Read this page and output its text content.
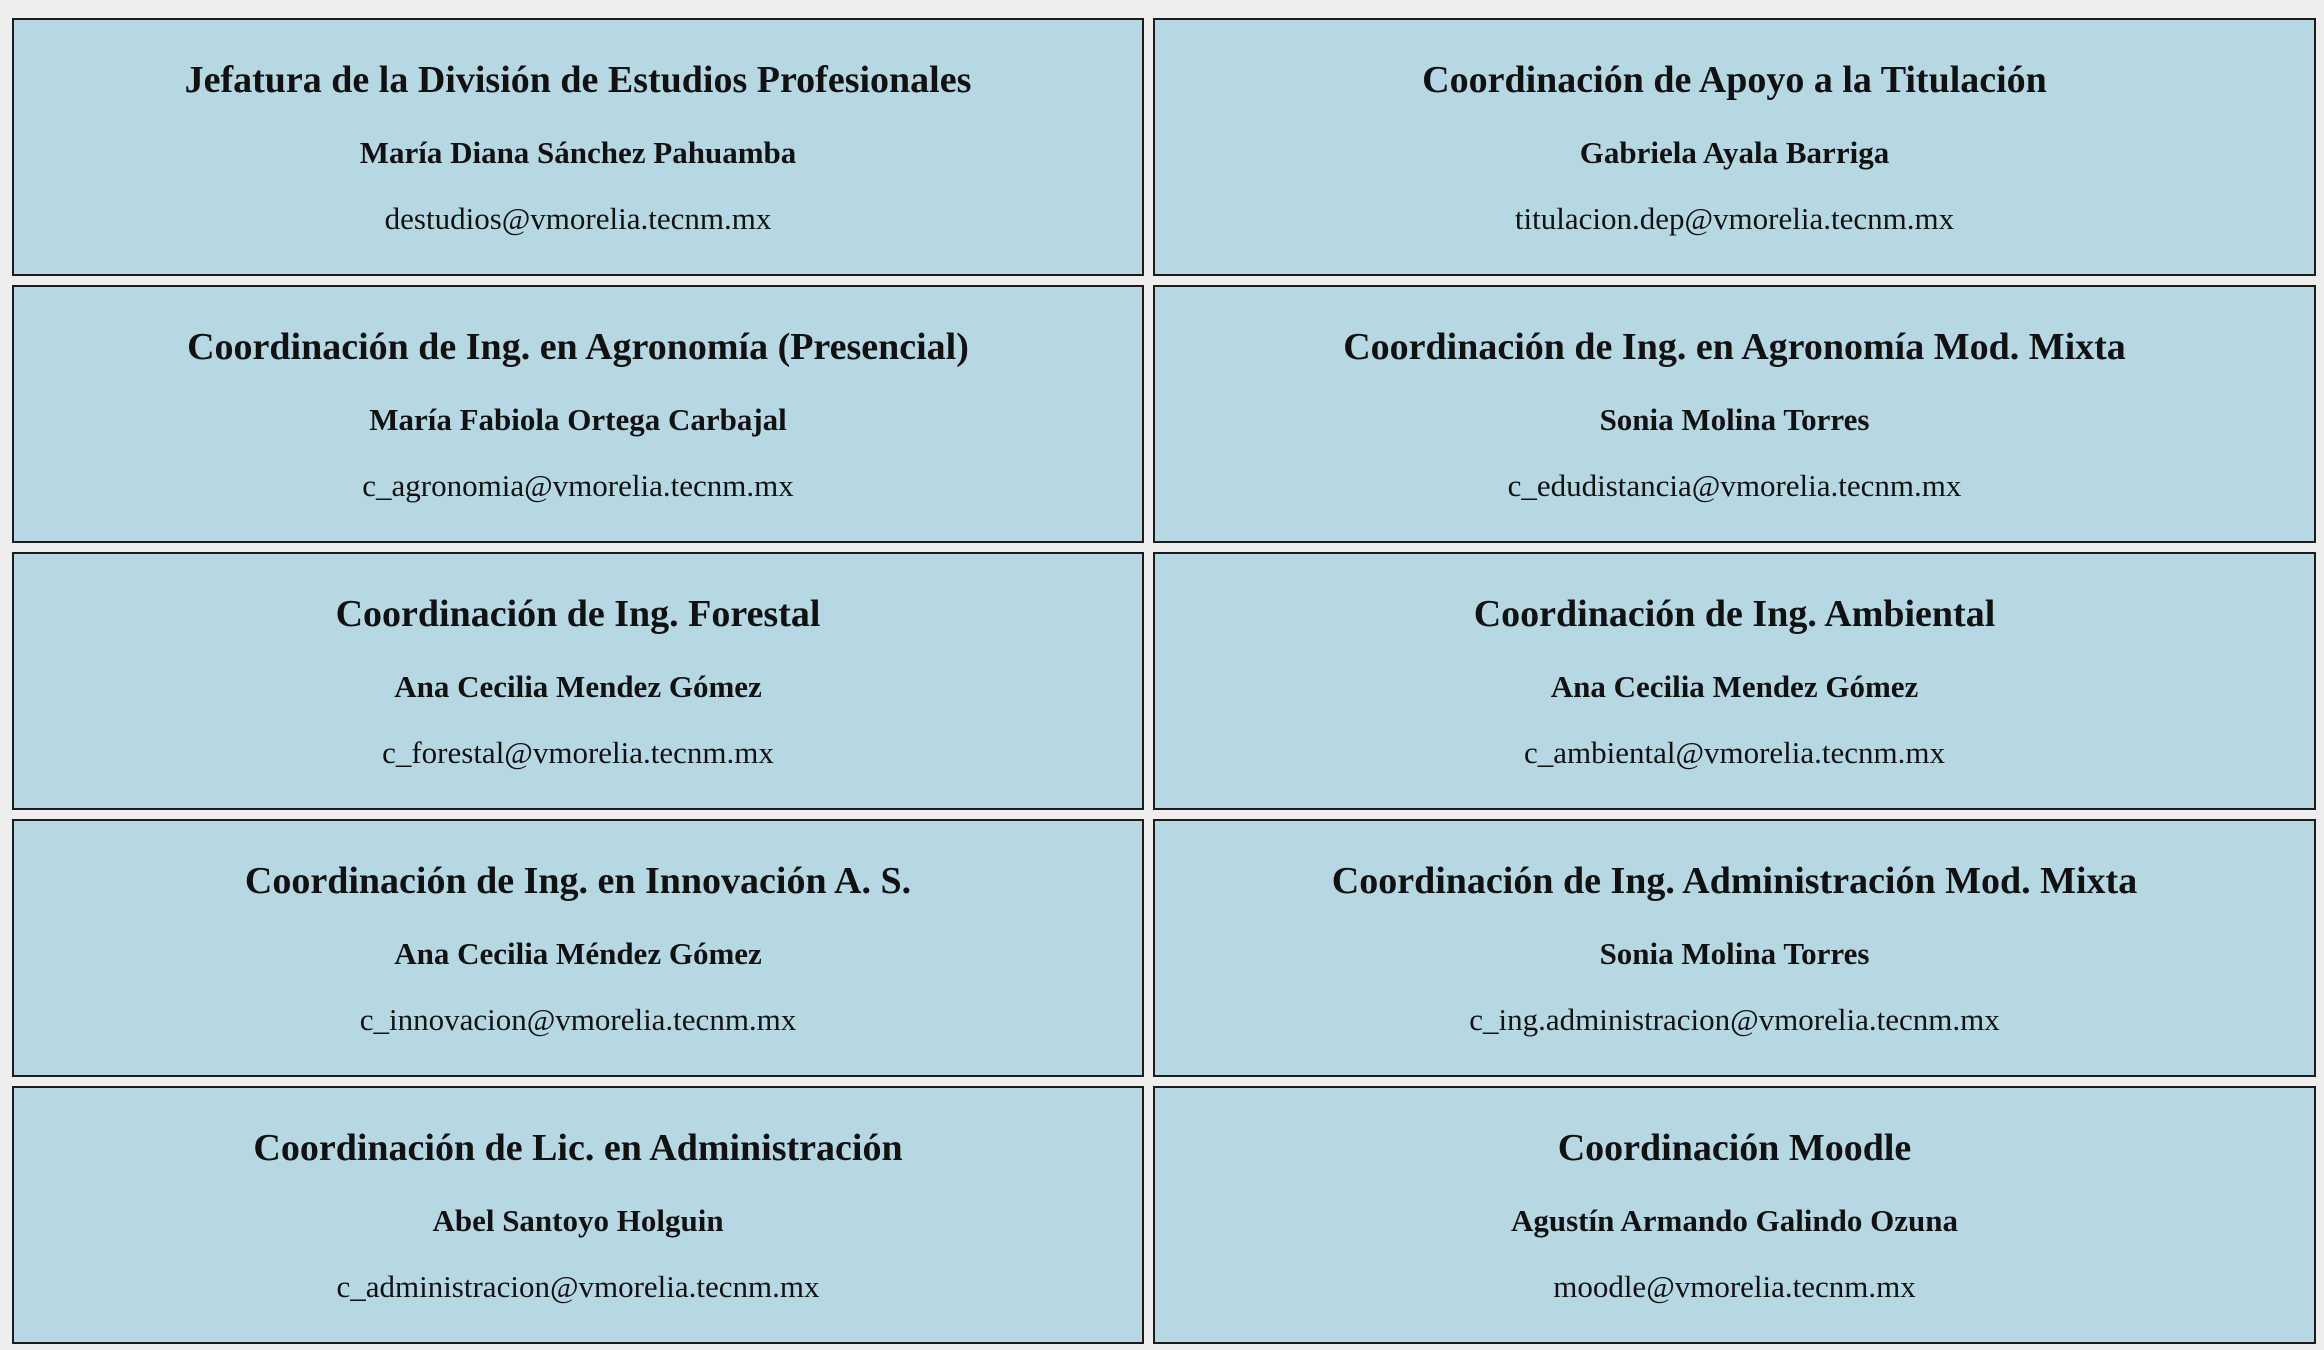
Jefatura de la División de Estudios Profesionales
María Diana Sánchez Pahuamba
destudios@vmorelia.tecnm.mx
Coordinación de Apoyo a la Titulación
Gabriela Ayala Barriga
titulacion.dep@vmorelia.tecnm.mx
Coordinación de Ing. en Agronomía (Presencial)
María Fabiola Ortega Carbajal
c_agronomia@vmorelia.tecnm.mx
Coordinación de Ing. en Agronomía Mod. Mixta
Sonia Molina Torres
c_edudistancia@vmorelia.tecnm.mx
Coordinación de Ing. Forestal
Ana Cecilia Mendez Gómez
c_forestal@vmorelia.tecnm.mx
Coordinación de Ing. Ambiental
Ana Cecilia Mendez Gómez
c_ambiental@vmorelia.tecnm.mx
Coordinación de Ing. en Innovación A. S.
Ana Cecilia Méndez Gómez
c_innovacion@vmorelia.tecnm.mx
Coordinación de Ing. Administración Mod. Mixta
Sonia Molina Torres
c_ing.administracion@vmorelia.tecnm.mx
Coordinación de Lic. en Administración
Abel Santoyo Holguin
c_administracion@vmorelia.tecnm.mx
Coordinación Moodle
Agustín Armando Galindo Ozuna
moodle@vmorelia.tecnm.mx
